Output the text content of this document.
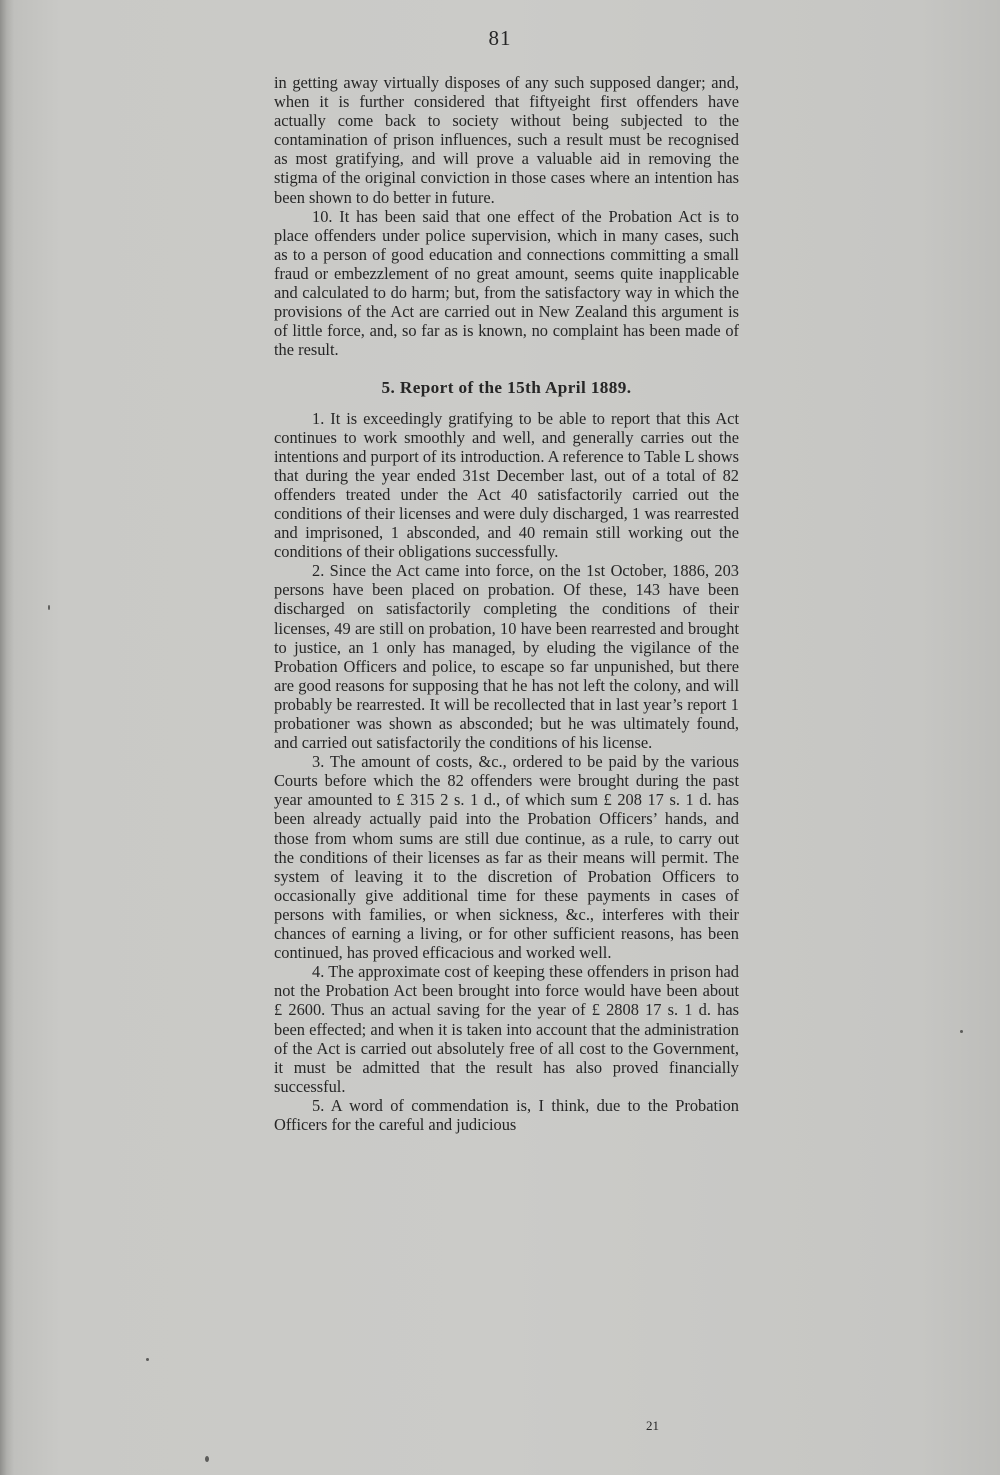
81

in getting away virtually disposes of any such supposed danger; and, when it is further considered that fiftyeight first offenders have actually come back to society without being subjected to the contamination of prison influences, such a result must be recognised as most gratifying, and will prove a valuable aid in removing the stigma of the original conviction in those cases where an intention has been shown to do better in future.

10. It has been said that one effect of the Probation Act is to place offenders under police supervision, which in many cases, such as to a person of good education and connections committing a small fraud or embezzlement of no great amount, seems quite inapplicable and calculated to do harm; but, from the satisfactory way in which the provisions of the Act are carried out in New Zealand this argument is of little force, and, so far as is known, no complaint has been made of the result.

5. Report of the 15th April 1889.

1. It is exceedingly gratifying to be able to report that this Act continues to work smoothly and well, and generally carries out the intentions and purport of its introduction. A reference to Table L shows that during the year ended 31st December last, out of a total of 82 offenders treated under the Act 40 satisfactorily carried out the conditions of their licenses and were duly discharged, 1 was rearrested and imprisoned, 1 absconded, and 40 remain still working out the conditions of their obligations successfully.

2. Since the Act came into force, on the 1st October, 1886, 203 persons have been placed on probation. Of these, 143 have been discharged on satisfactorily completing the conditions of their licenses, 49 are still on probation, 10 have been rearrested and brought to justice, an 1 only has managed, by eluding the vigilance of the Probation Officers and police, to escape so far unpunished, but there are good reasons for supposing that he has not left the colony, and will probably be rearrested. It will be recollected that in last year’s report 1 probationer was shown as absconded; but he was ultimately found, and carried out satisfactorily the conditions of his license.

3. The amount of costs, &c., ordered to be paid by the various Courts before which the 82 offenders were brought during the past year amounted to £ 315 2 s. 1 d., of which sum £ 208 17 s. 1 d. has been already actually paid into the Probation Officers’ hands, and those from whom sums are still due continue, as a rule, to carry out the conditions of their licenses as far as their means will permit. The system of leaving it to the discretion of Probation Officers to occasionally give additional time for these payments in cases of persons with families, or when sickness, &c., interferes with their chances of earning a living, or for other sufficient reasons, has been continued, has proved efficacious and worked well.

4. The approximate cost of keeping these offenders in prison had not the Probation Act been brought into force would have been about £ 2600. Thus an actual saving for the year of £ 2808 17 s. 1 d. has been effected; and when it is taken into account that the administration of the Act is carried out absolutely free of all cost to the Government, it must be admitted that the result has also proved financially successful.

5. A word of commendation is, I think, due to the Probation Officers for the careful and judicious

21
